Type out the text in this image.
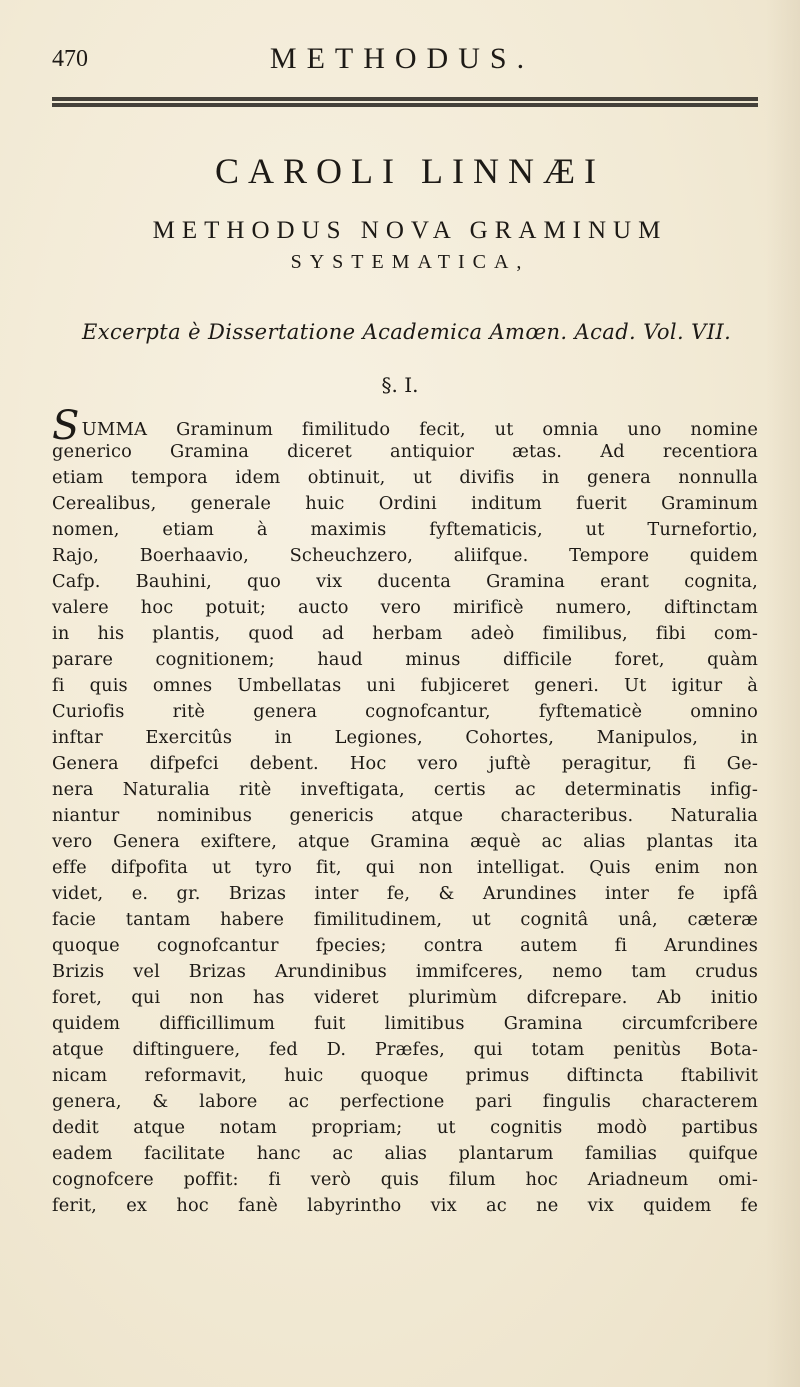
470	METHODUS.
CAROLI LINNÆI
METHODUS NOVA GRAMINUM
SYSTEMATICA,
Excerpta è Dissertatione Academica Amœn. Acad. Vol. VII.
§. I.
SUMMA Graminum fimilitudo fecit, ut omnia uno nomine
generico Gramina diceret antiquior ætas. Ad recentiora
etiam tempora idem obtinuit, ut divifis in genera nonnulla
Cerealibus, generale huic Ordini inditum fuerit Graminum
nomen, etiam à maximis fyftematicis, ut Turnefortio,
Rajo, Boerhaavio, Scheuchzero, aliifque. Tempore quidem
Cafp. Bauhini, quo vix ducenta Gramina erant cognita,
valere hoc potuit; aucto vero mirificè numero, diftinctam
in his plantis, quod ad herbam adeò fimilibus, fibi com-
parare cognitionem; haud minus difficile foret, quàm
fi quis omnes Umbellatas uni fubjiceret generi. Ut igitur à
Curiofis ritè genera cognofcantur, fyftematicè omnino
inftar Exercitûs in Legiones, Cohortes, Manipulos, in
Genera difpefci debent. Hoc vero juftè peragitur, fi Ge-
nera Naturalia ritè inveftigata, certis ac determinatis infig-
niantur nominibus genericis atque characteribus. Naturalia
vero Genera exiftere, atque Gramina æquè ac alias plantas ita
effe difpofita ut tyro fit, qui non intelligat. Quis enim non
videt, e. gr. Brizas inter fe, & Arundines inter fe ipfâ
facie tantam habere fimilitudinem, ut cognitâ unâ, cæteræ
quoque cognofcantur fpecies; contra autem fi Arundines
Brizis vel Brizas Arundinibus immifceres, nemo tam crudus
foret, qui non has videret plurimùm difcrepare. Ab initio
quidem difficillimum fuit limitibus Gramina circumfcribere
atque diftinguere, fed D. Præfes, qui totam penitùs Bota-
nicam reformavit, huic quoque primus diftincta ftabilivit
genera, & labore ac perfectione pari fingulis characterem
dedit atque notam propriam; ut cognitis modò partibus
eadem facilitate hanc ac alias plantarum familias quifque
cognofcere poffit: fi verò quis filum hoc Ariadneum omi-
ferit, ex hoc fanè labyrintho vix ac ne vix quidem fe
